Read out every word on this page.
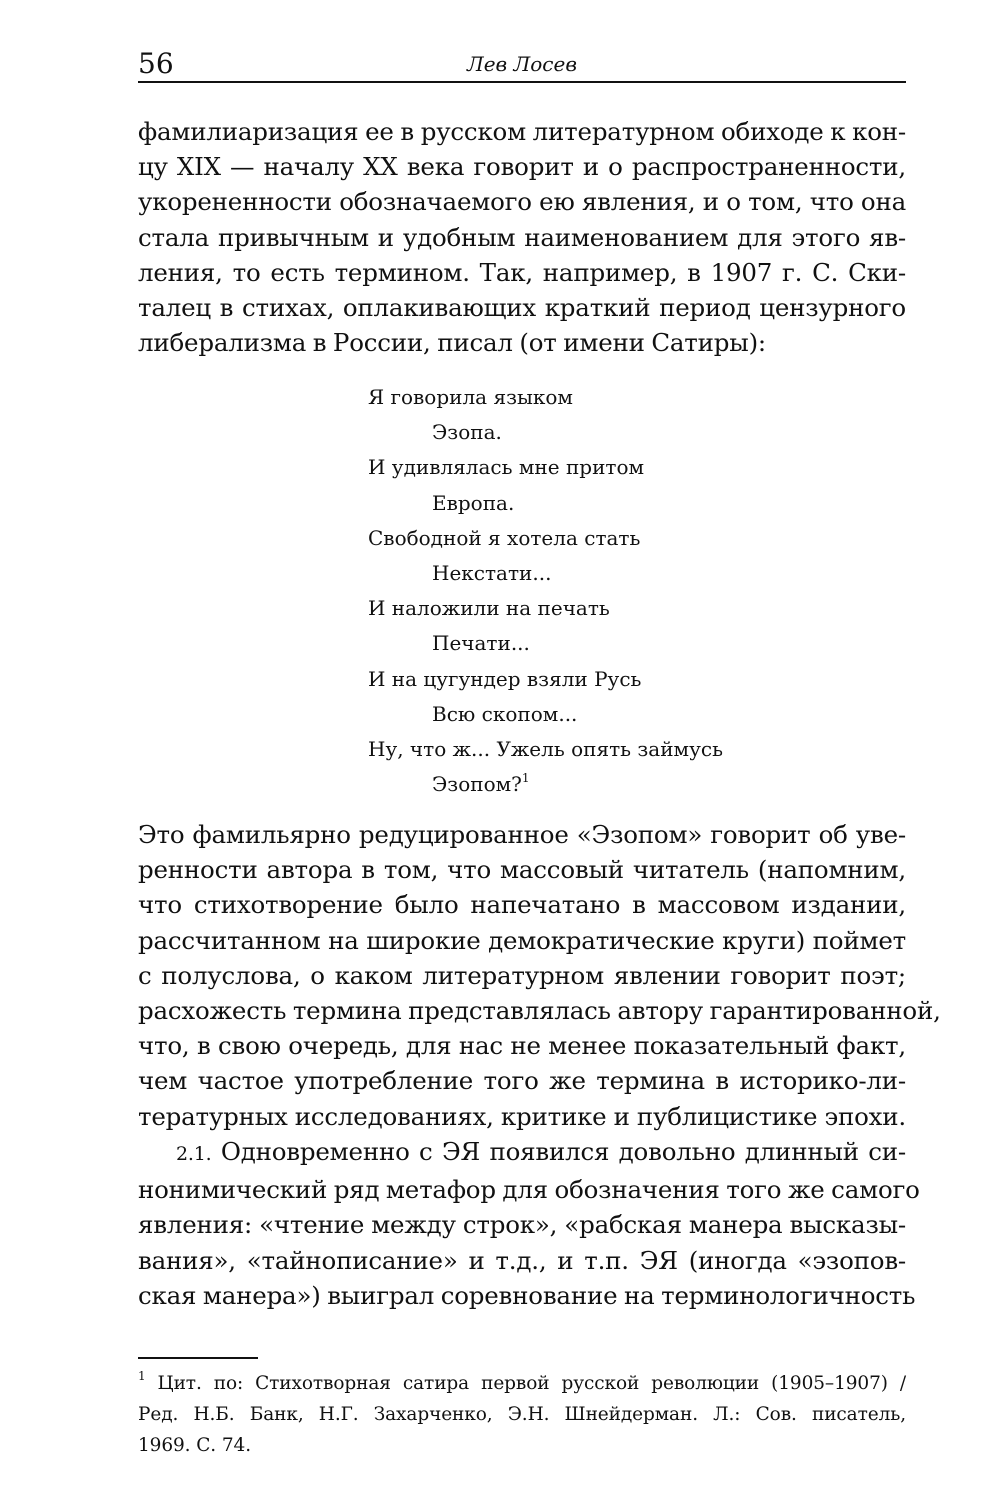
56	Лев Лосев
фамилиаризация ее в русском литературном обиходе к кон-
цу XIX — началу XX века говорит и о распространенности,
укорененности обозначаемого ею явления, и о том, что она
стала привычным и удобным наименованием для этого яв-
ления, то есть термином. Так, например, в 1907 г. С. Ски-
талец в стихах, оплакивающих краткий период цензурного
либерализма в России, писал (от имени Сатиры):
Я говорила языком
Эзопа.
И удивлялась мне притом
Европа.
Свободной я хотела стать
Некстати...
И наложили на печать
Печати...
И на цугундер взяли Русь
Всю скопом...
Ну, что ж... Ужель опять займусь
Эзопом?$^1$
Это фамильярно редуцированное «Эзопом» говорит об уве-
ренности автора в том, что массовый читатель (напомним,
что стихотворение было напечатано в массовом издании,
рассчитанном на широкие демократические круги) поймет
с полуслова, о каком литературном явлении говорит поэт;
расхожесть термина представлялась автору гарантированной,
что, в свою очередь, для нас не менее показательный факт,
чем частое употребление того же термина в историко-ли-
тературных исследованиях, критике и публицистике эпохи.
2.1. Одновременно с ЭЯ появился довольно длинный си-
нонимический ряд метафор для обозначения того же самого
явления: «чтение между строк», «рабская манера высказы-
вания», «тайнописание» и т.д., и т.п. ЭЯ (иногда «эзопов-
ская манера») выиграл соревнование на терминологичность
$^1$ Цит. по: Стихотворная сатира первой русской революции (1905–1907) /
Ред. Н.Б. Банк, Н.Г. Захарченко, Э.Н. Шнейдерман. Л.: Сов. писатель,
1969. С. 74.
